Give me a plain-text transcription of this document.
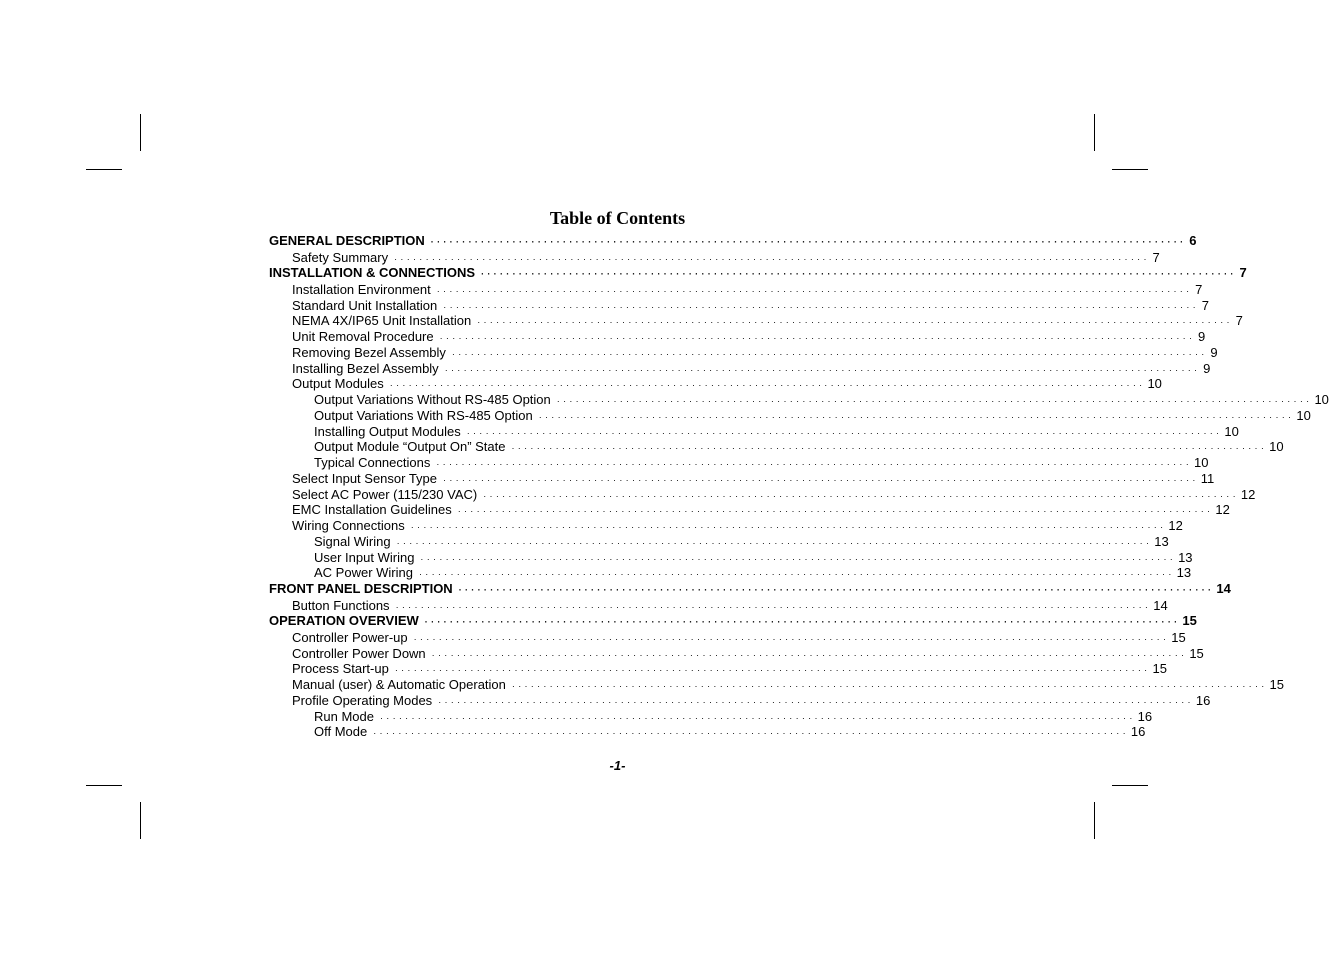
Table of Contents
GENERAL DESCRIPTION ························································································································ 6
Safety Summary ························································································································ 7
INSTALLATION & CONNECTIONS ························································································································ 7
Installation Environment ························································································································ 7
Standard Unit Installation ························································································································ 7
NEMA 4X/IP65 Unit Installation ························································································································ 7
Unit Removal Procedure ························································································································ 9
Removing Bezel Assembly ························································································································ 9
Installing Bezel Assembly ························································································································ 9
Output Modules ························································································································ 10
Output Variations Without RS-485 Option ························································································································ 10
Output Variations With RS-485 Option ························································································································ 10
Installing Output Modules ························································································································ 10
Output Module “Output On” State ························································································································ 10
Typical Connections ························································································································ 10
Select Input Sensor Type ························································································································ 11
Select AC Power (115/230 VAC) ························································································································ 12
EMC Installation Guidelines ························································································································ 12
Wiring Connections ························································································································ 12
Signal Wiring ························································································································ 13
User Input Wiring ························································································································ 13
AC Power Wiring ························································································································ 13
FRONT PANEL DESCRIPTION ························································································································ 14
Button Functions ························································································································ 14
OPERATION OVERVIEW ························································································································ 15
Controller Power-up ························································································································ 15
Controller Power Down ························································································································ 15
Process Start-up ························································································································ 15
Manual (user) & Automatic Operation ························································································································ 15
Profile Operating Modes ························································································································ 16
Run Mode ························································································································ 16
Off Mode ························································································································ 16
-1-
